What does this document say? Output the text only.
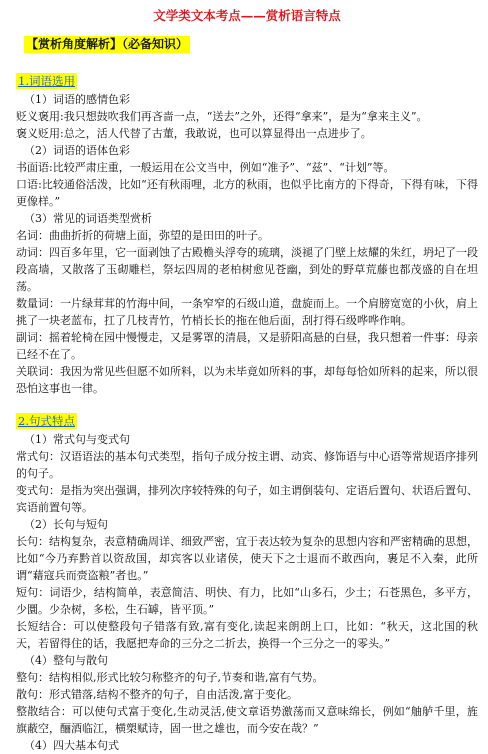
文学类文本考点——赏析语言特点
【赏析角度解析】（必备知识）
1.词语选用

（1）词语的感情色彩

贬义褒用:我只想鼓吹我们再吝啬一点，“送去”之外，还得“拿来”，是为“拿来主义”。

褒义贬用:总之，活人代替了古董，我敢说，也可以算显得出一点进步了。

（2）词语的语体色彩

书面语:比较严肃庄重，一般运用在公文当中，例如“准予”、“兹”、“计划”等。

口语:比较通俗活泼，比如“还有秋雨哩，北方的秋雨，也似乎比南方的下得奇，下得有味，下得更像样。”

（3）常见的词语类型赏析

名词：曲曲折折的荷塘上面，弥望的是田田的叶子。

动词：四百多年里，它一面剥蚀了古殿檐头浮夸的琉璃，淡褪了门壁上炫耀的朱红，坍圮了一段段高墙，又散落了玉砌雕栏，祭坛四周的老柏树愈见苍幽，到处的野草荒藤也都茂盛的自在坦荡。

数量词：一片绿茸茸的竹海中间，一条窄窄的石级山道，盘旋而上。一个肩膀宽宽的小伙，肩上挑了一块老蓝布，扛了几枝青竹，竹梢长长的拖在他后面，刮打得石级哗哗作响。

副词：摇着轮椅在园中慢慢走，又是雾罩的清晨，又是骄阳高悬的白昼，我只想着一件事：母亲已经不在了。

关联词：我因为常见些但愿不如所料，以为未毕竟如所料的事，却每每恰如所料的起来，所以很恐怕这事也一律。

2.句式特点

（1）常式句与变式句

常式句：汉语语法的基本句式类型，指句子成分按主谓、动宾、修饰语与中心语等常规语序排列的句子。

变式句：是指为突出强调，排列次序较特殊的句子，如主谓倒装句、定语后置句、状语后置句、宾语前置句等。

（2）长句与短句

长句：结构复杂，表意精确周详、细致严密，宜于表达较为复杂的思想内容和严密精确的思想，比如“今乃弃黔首以资敌国，却宾客以业诸侯，使天下之士退而不敢西向，裹足不入秦，此所谓“藉寇兵而赍盗粮”者也。”

短句：词语少，结构简单，表意简洁、明快、有力，比如“山多石，少土；石苍黑色，多平方，少圜。少杂树，多松，生石罅，皆平顶。”

长短结合：可以使整段句子错落有致,富有变化,读起来朗朗上口，比如：“秋天，这北国的秋天，若留得住的话，我愿把寿命的三分之二折去，换得一个三分之一的零头。”

（4）整句与散句

整句：结构相似,形式比较匀称整齐的句子,节奏和谐,富有气势。

散句：形式错落,结构不整齐的句子，自由活泼,富于变化。

整散结合：可以使句式富于变化,生动灵活,使文章语势激荡而又意味绵长，例如“舳舻千里，旌旗蔽空，酾酒临江，横槊赋诗，固一世之雄也，而今安在哉？”

（4）四大基本句式
